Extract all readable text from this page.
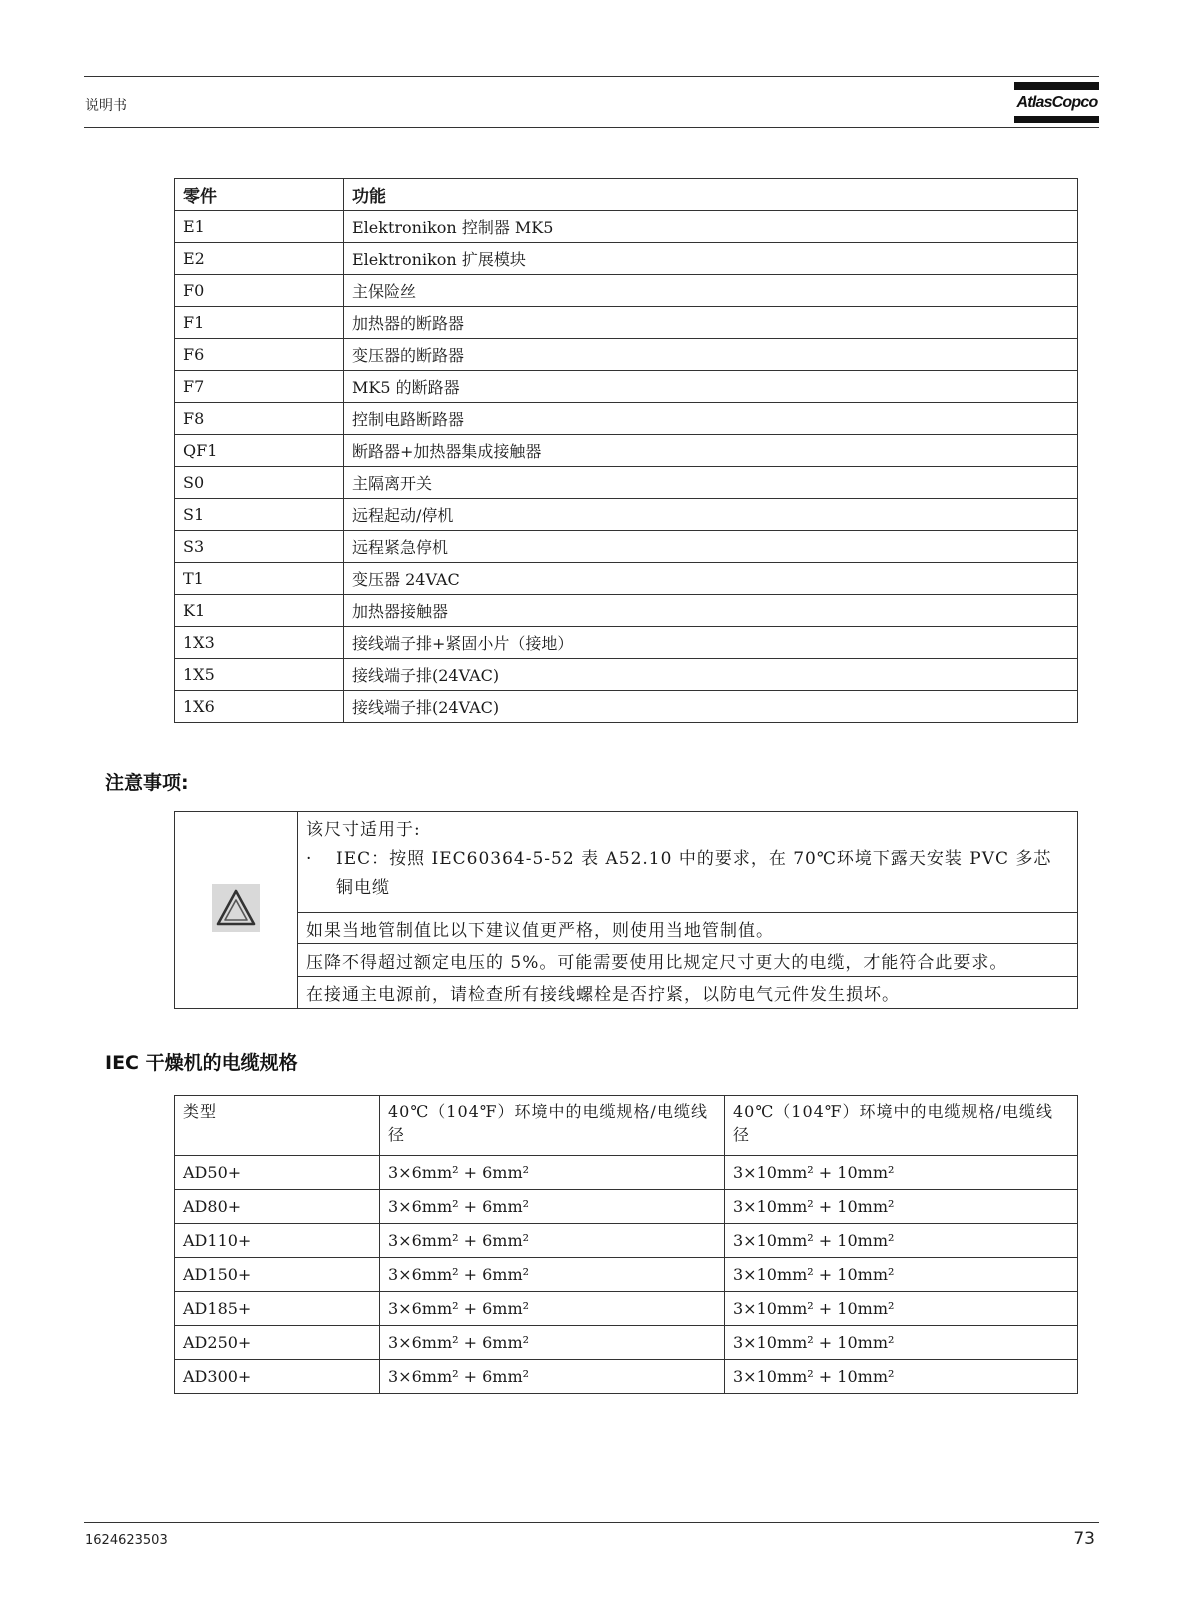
说明书	AtlasCopco
零件	功能
E1	Elektronikon 控制器 MK5
E2	Elektronikon 扩展模块
F0	主保险丝
F1	加热器的断路器
F6	变压器的断路器
F7	MK5 的断路器
F8	控制电路断路器
QF1	断路器+加热器集成接触器
S0	主隔离开关
S1	远程起动/停机
S3	远程紧急停机
T1	变压器 24VAC
K1	加热器接触器
1X3	接线端子排+紧固小片（接地）
1X5	接线端子排(24VAC)
1X6	接线端子排(24VAC)
注意事项:

该尺寸适用于:
·	IEC：按照 IEC60364-5-52 表 A52.10 中的要求，在 70℃环境下露天安装 PVC 多芯铜电缆

如果当地管制值比以下建议值更严格，则使用当地管制值。
压降不得超过额定电压的 5%。可能需要使用比规定尺寸更大的电缆，才能符合此要求。
在接通主电源前，请检查所有接线螺栓是否拧紧，以防电气元件发生损坏。
IEC 干燥机的电缆规格
类型	40℃（104℉）环境中的电缆规格/电缆线径	40℃（104℉）环境中的电缆规格/电缆线径
AD50+	3×6mm² + 6mm²	3×10mm² + 10mm²
AD80+	3×6mm² + 6mm²	3×10mm² + 10mm²
AD110+	3×6mm² + 6mm²	3×10mm² + 10mm²
AD150+	3×6mm² + 6mm²	3×10mm² + 10mm²
AD185+	3×6mm² + 6mm²	3×10mm² + 10mm²
AD250+	3×6mm² + 6mm²	3×10mm² + 10mm²
AD300+	3×6mm² + 6mm²	3×10mm² + 10mm²
1624623503	73
